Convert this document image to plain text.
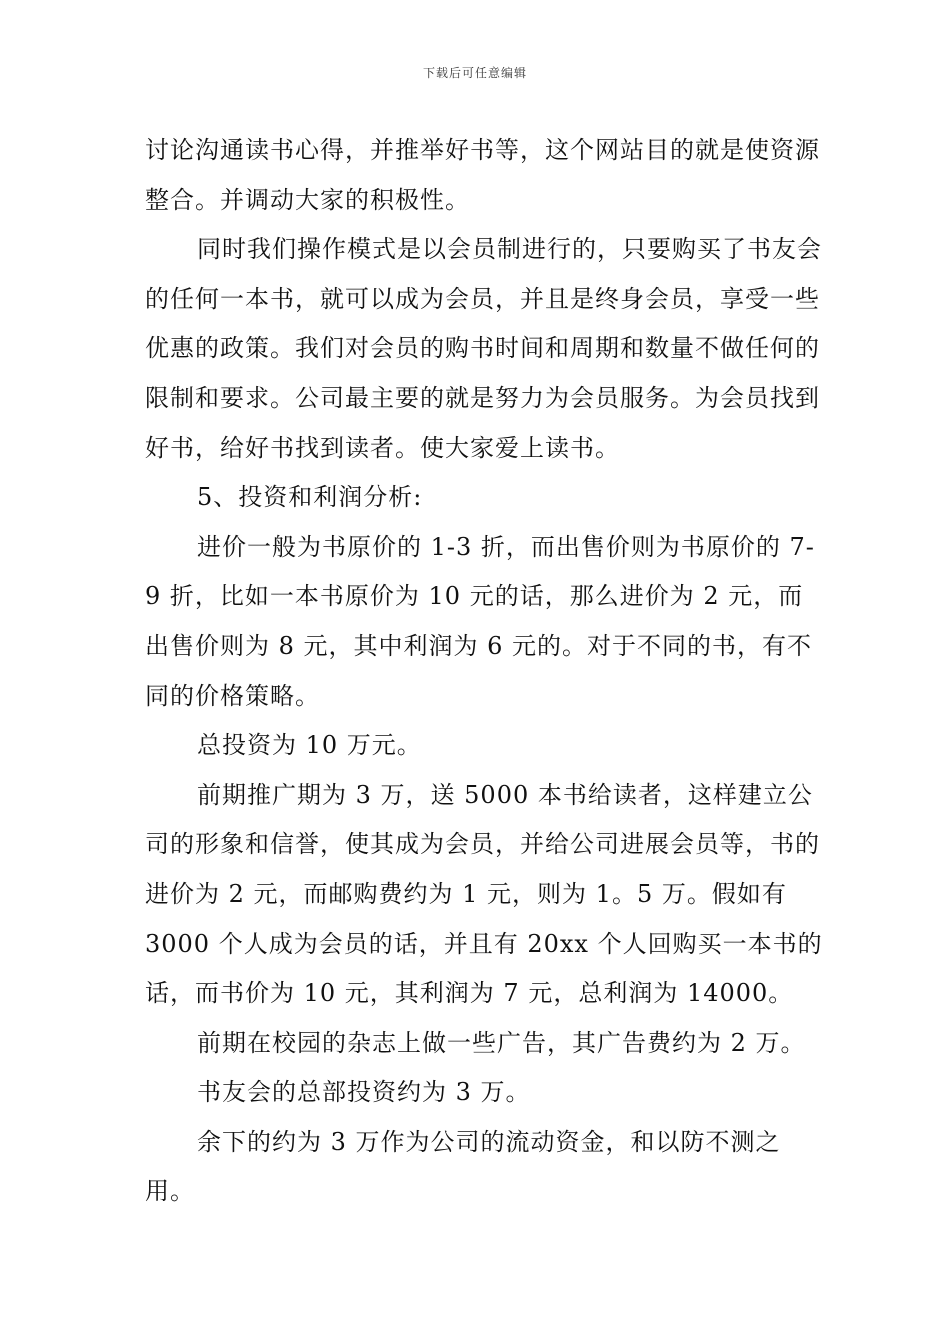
下载后可任意编辑

讨论沟通读书心得，并推举好书等，这个网站目的就是使资源整合。并调动大家的积极性。

同时我们操作模式是以会员制进行的，只要购买了书友会的任何一本书，就可以成为会员，并且是终身会员，享受一些优惠的政策。我们对会员的购书时间和周期和数量不做任何的限制和要求。公司最主要的就是努力为会员服务。为会员找到好书，给好书找到读者。使大家爱上读书。

5、投资和利润分析:

进价一般为书原价的 1-3 折，而出售价则为书原价的 7-9 折，比如一本书原价为 10 元的话，那么进价为 2 元，而出售价则为 8 元，其中利润为 6 元的。对于不同的书，有不同的价格策略。

总投资为 10 万元。

前期推广期为 3 万，送 5000 本书给读者，这样建立公司的形象和信誉，使其成为会员，并给公司进展会员等，书的进价为 2 元，而邮购费约为 1 元，则为 1。5 万。假如有 3000 个人成为会员的话，并且有 20xx 个人回购买一本书的话，而书价为 10 元，其利润为 7 元，总利润为 14000。

前期在校园的杂志上做一些广告，其广告费约为 2 万。

书友会的总部投资约为 3 万。

余下的约为 3 万作为公司的流动资金，和以防不测之用。
